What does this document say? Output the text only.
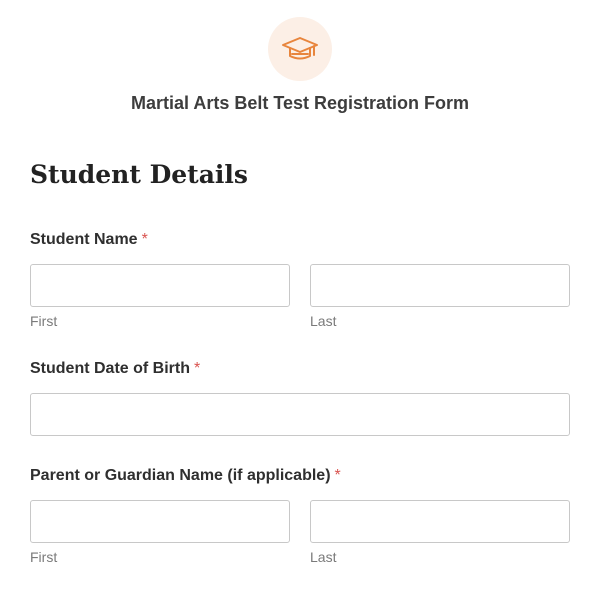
Martial Arts Belt Test Registration Form
Student Details
Student Name *
First	Last
Student Date of Birth *
Parent or Guardian Name (if applicable) *
First	Last
